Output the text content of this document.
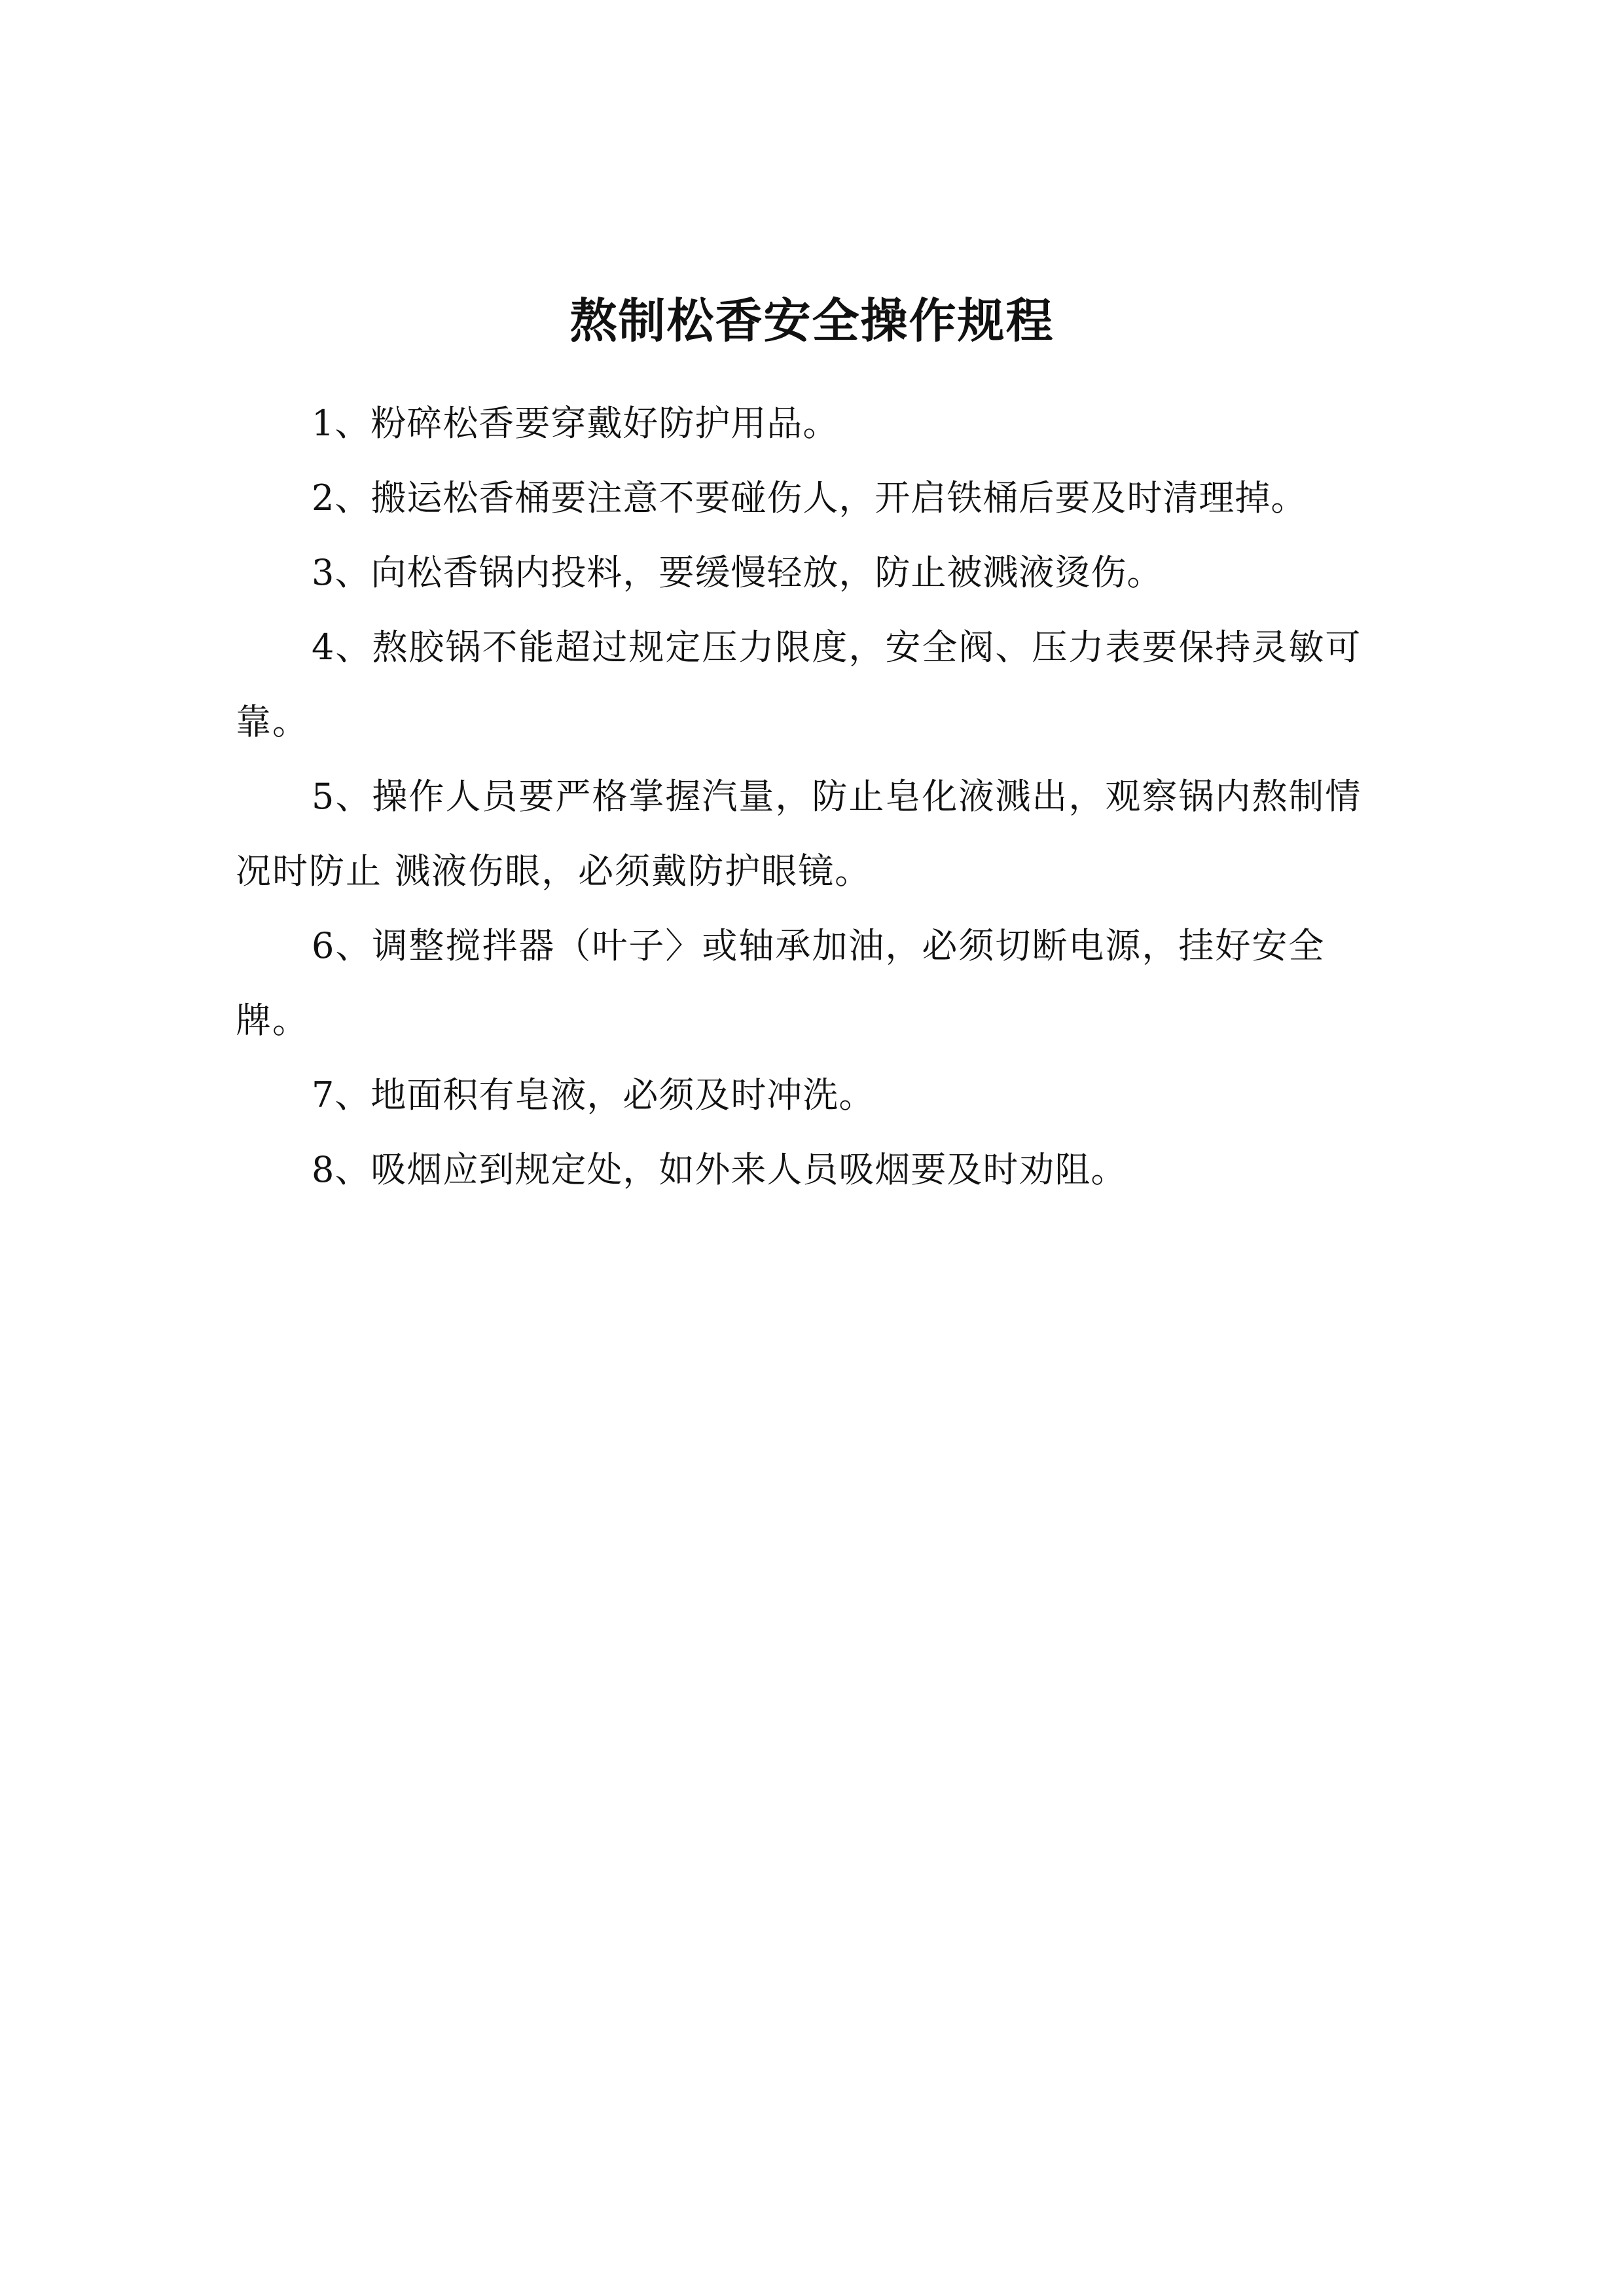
熬制松香安全操作规程

1、粉碎松香要穿戴好防护用品。

2、搬运松香桶要注意不要碰伤人，开启铁桶后要及时清理掉。

3、向松香锅内投料，要缓慢轻放，防止被溅液烫伤。

4、熬胶锅不能超过规定压力限度，安全阀、压力表要保持灵敏可靠。

5、操作人员要严格掌握汽量，防止皂化液溅出，观察锅内熬制情况时防止 溅液伤眼，必须戴防护眼镜。

6、调整搅拌器（叶子〉或轴承加油，必须切断电源，挂好安全牌。

7、地面积有皂液，必须及时冲洗。

8、吸烟应到规定处，如外来人员吸烟要及时劝阻。
